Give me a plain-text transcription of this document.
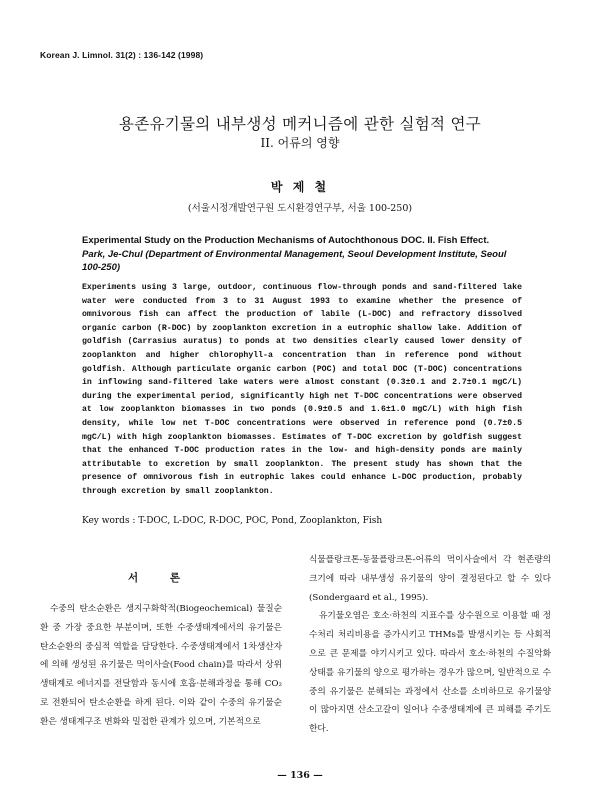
Korean J. Limnol. 31(2) : 136-142 (1998)
용존유기물의 내부생성 메커니즘에 관한 실험적 연구
II. 어류의 영향
박 제 철
(서울시정개발연구원 도시환경연구부, 서울 100-250)
Experimental Study on the Production Mechanisms of Autochthonous DOC. II. Fish Effect.
Park, Je-Chul (Department of Environmental Management, Seoul Development Institute, Seoul 100-250)
Experiments using 3 large, outdoor, continuous flow-through ponds and sand-filtered lake water were conducted from 3 to 31 August 1993 to examine whether the presence of omnivorous fish can affect the production of labile (L-DOC) and refractory dissolved organic carbon (R-DOC) by zooplankton excretion in a eutrophic shallow lake. Addition of goldfish (Carrasius auratus) to ponds at two densities clearly caused lower density of zooplankton and higher chlorophyll-a concentration than in reference pond without goldfish. Although particulate organic carbon (POC) and total DOC (T-DOC) concentrations in inflowing sand-filtered lake waters were almost constant (0.3±0.1 and 2.7±0.1 mgC/L) during the experimental period, significantly high net T-DOC concentrations were observed at low zooplankton biomasses in two ponds (0.9±0.5 and 1.6±1.0 mgC/L) with high fish density, while low net T-DOC concentrations were observed in reference pond (0.7±0.5 mgC/L) with high zooplankton biomasses. Estimates of T-DOC excretion by goldfish suggest that the enhanced T-DOC production rates in the low- and high-density ponds are mainly attributable to excretion by small zooplankton. The present study has shown that the presence of omnivorous fish in eutrophic lakes could enhance L-DOC production, probably through excretion by small zooplankton.
Key words : T-DOC, L-DOC, R-DOC, POC, Pond, Zooplankton, Fish
서 론

수중의 탄소순환은 생지구화학적(Biogeochemical) 물질순환 중 가장 중요한 부분이며, 또한 수중생태계에서의 유기물은 탄소순환의 중심적 역할을 담당한다. 수중생태계에서 1차생산자에 의해 생성된 유기물은 먹이사슬(Food chain)를 따라서 상위생태계로 에너지를 전달함과 동시에 호흡·분해과정을 통해 CO₂로 전환되어 탄소순환을 하게 된다. 이와 같이 수중의 유기물순환은 생태계구조 변화와 밀접한 관계가 있으며, 기본적으로

식물플랑크톤-동물플랑크톤-어류의 먹이사슬에서 각 현존량의 크기에 따라 내부생성 유기물의 양이 결정된다고 할 수 있다(Sondergaard et al., 1995).

유기물오염은 호소·하천의 지표수를 상수원으로 이용할 때 정수처리 처리비용을 증가시키고 THMs를 발생시키는 등 사회적으로 큰 문제를 야기시키고 있다. 따라서 호소·하천의 수질악화 상태를 유기물의 양으로 평가하는 경우가 많으며, 일반적으로 수중의 유기물은 분해되는 과정에서 산소를 소비하므로 유기물양이 많아지면 산소고갈이 일어나 수중생태계에 큰 피해를 주기도 한다.

— 136 —
